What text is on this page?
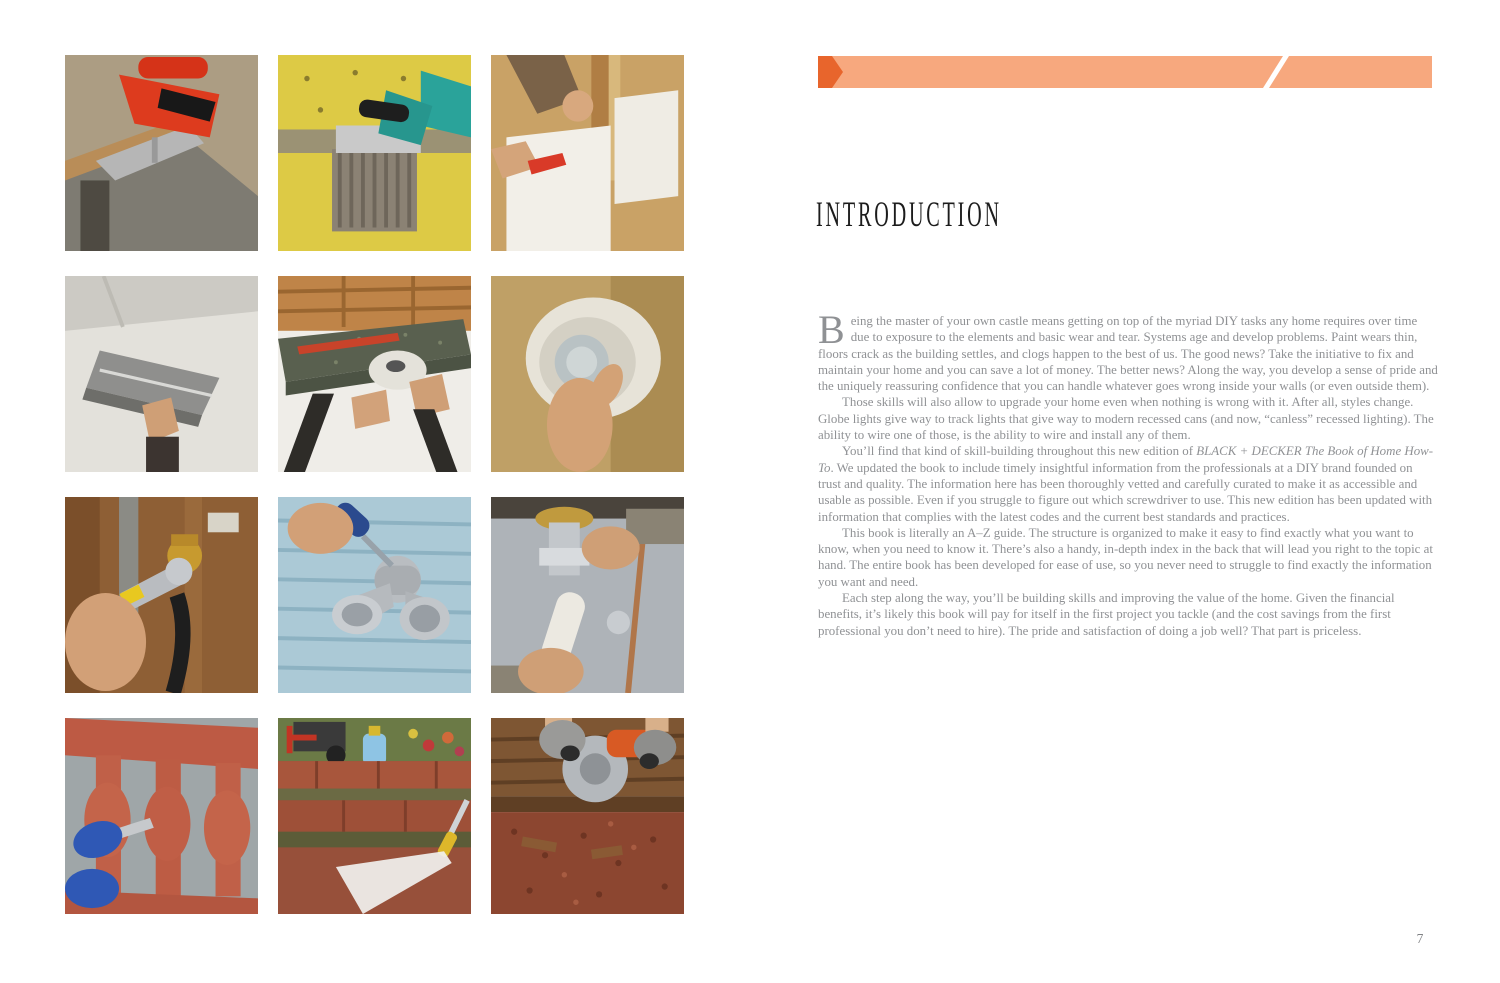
INTRODUCTION

Being the master of your own castle means getting on top of the myriad DIY tasks any home requires over time due to exposure to the elements and basic wear and tear. Systems age and develop problems. Paint wears thin, floors crack as the building settles, and clogs happen to the best of us. The good news? Take the initiative to fix and maintain your home and you can save a lot of money. The better news? Along the way, you develop a sense of pride and the uniquely reassuring confidence that you can handle whatever goes wrong inside your walls (or even outside them).

Those skills will also allow to upgrade your home even when nothing is wrong with it. After all, styles change. Globe lights give way to track lights that give way to modern recessed cans (and now, “canless” recessed lighting). The ability to wire one of those, is the ability to wire and install any of them.

You’ll find that kind of skill-building throughout this new edition of BLACK + DECKER The Book of Home How-To. We updated the book to include timely insightful information from the professionals at a DIY brand founded on trust and quality. The information here has been thoroughly vetted and carefully curated to make it as accessible and usable as possible. Even if you struggle to figure out which screwdriver to use. This new edition has been updated with information that complies with the latest codes and the current best standards and practices.

This book is literally an A–Z guide. The structure is organized to make it easy to find exactly what you want to know, when you need to know it. There’s also a handy, in-depth index in the back that will lead you right to the topic at hand. The entire book has been developed for ease of use, so you never need to struggle to find exactly the information you want and need.

Each step along the way, you’ll be building skills and improving the value of the home. Given the financial benefits, it’s likely this book will pay for itself in the first project you tackle (and the cost savings from the first professional you don’t need to hire). The pride and satisfaction of doing a job well? That part is priceless.

7
